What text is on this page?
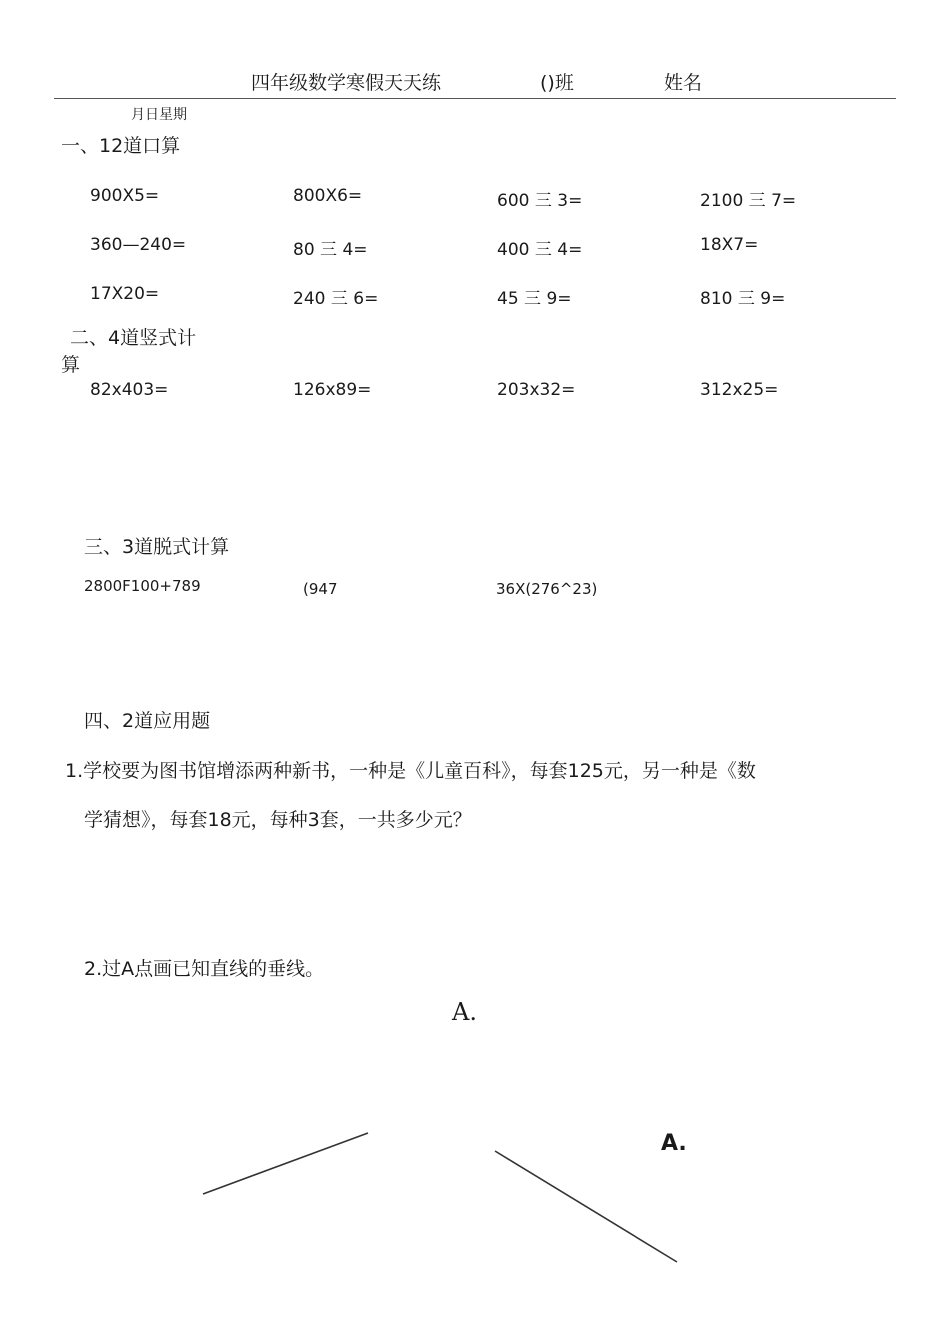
四年级数学寒假天天练	()班	姓名
月日星期
一、12道口算
900X5=	800X6=	600 三 3=	2100 三 7=
360—240=	80 三 4=	400 三 4=	18X7=
17X20=	240 三 6=	45 三 9=	810 三 9=
二、4道竖式计
算
82x403=	126x89=	203x32=	312x25=
三、3道脱式计算
2800F100+789	(947	36X(276^23)
四、2道应用题
1.学校要为图书馆增添两种新书，一种是《儿童百科》，每套125元，另一种是《数
学猜想》，每套18元，每种3套，一共多少元？
2.过A点画已知直线的垂线。
A.
A.
